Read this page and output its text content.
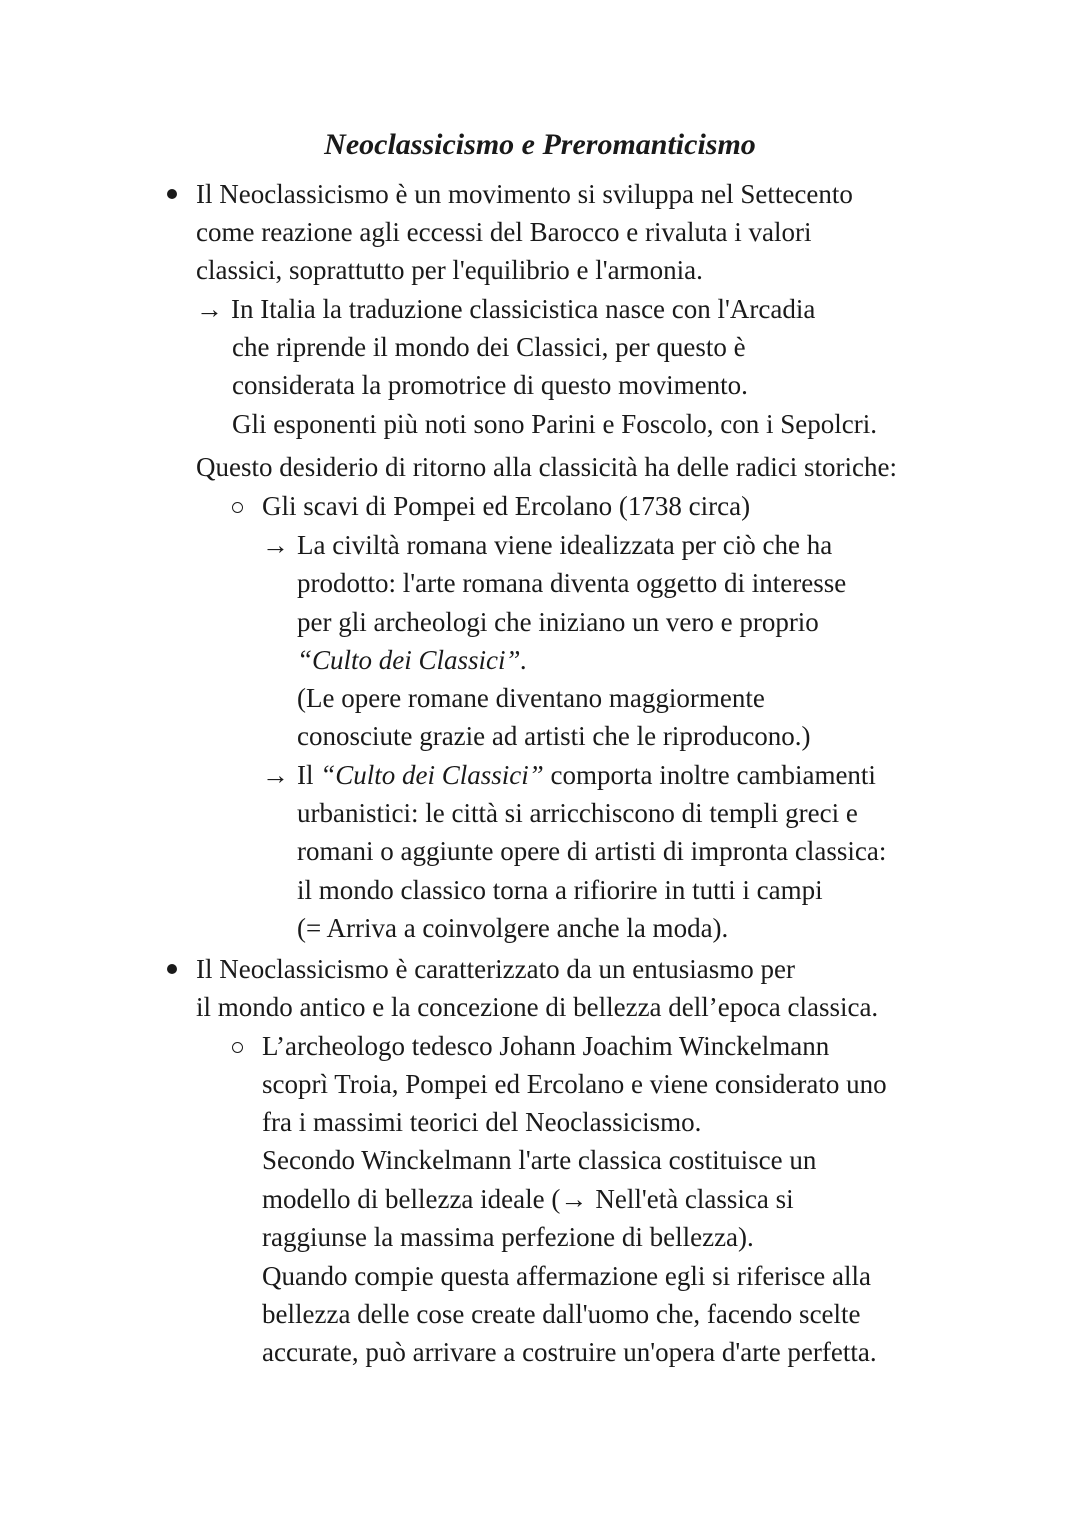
Neoclassicismo e Preromanticismo
Il Neoclassicismo è un movimento si sviluppa nel Settecento
come reazione agli eccessi del Barocco e rivaluta i valori
classici, soprattutto per l'equilibrio e l'armonia.
→ In Italia la traduzione classicistica nasce con l'Arcadia
che riprende il mondo dei Classici, per questo è
considerata la promotrice di questo movimento.
Gli esponenti più noti sono Parini e Foscolo, con i Sepolcri.
Questo desiderio di ritorno alla classicità ha delle radici storiche:
Gli scavi di Pompei ed Ercolano (1738 circa)
→ La civiltà romana viene idealizzata per ciò che ha
prodotto: l'arte romana diventa oggetto di interesse
per gli archeologi che iniziano un vero e proprio
“Culto dei Classici”.
(Le opere romane diventano maggiormente
conosciute grazie ad artisti che le riproducono.)
→ Il “Culto dei Classici” comporta inoltre cambiamenti
urbanistici: le città si arricchiscono di templi greci e
romani o aggiunte opere di artisti di impronta classica:
il mondo classico torna a rifiorire in tutti i campi
(= Arriva a coinvolgere anche la moda).
Il Neoclassicismo è caratterizzato da un entusiasmo per
il mondo antico e la concezione di bellezza dell’epoca classica.
L’archeologo tedesco Johann Joachim Winckelmann
scoprì Troia, Pompei ed Ercolano e viene considerato uno
fra i massimi teorici del Neoclassicismo.
Secondo Winckelmann l'arte classica costituisce un
modello di bellezza ideale (→ Nell'età classica si
raggiunse la massima perfezione di bellezza).
Quando compie questa affermazione egli si riferisce alla
bellezza delle cose create dall'uomo che, facendo scelte
accurate, può arrivare a costruire un'opera d'arte perfetta.
